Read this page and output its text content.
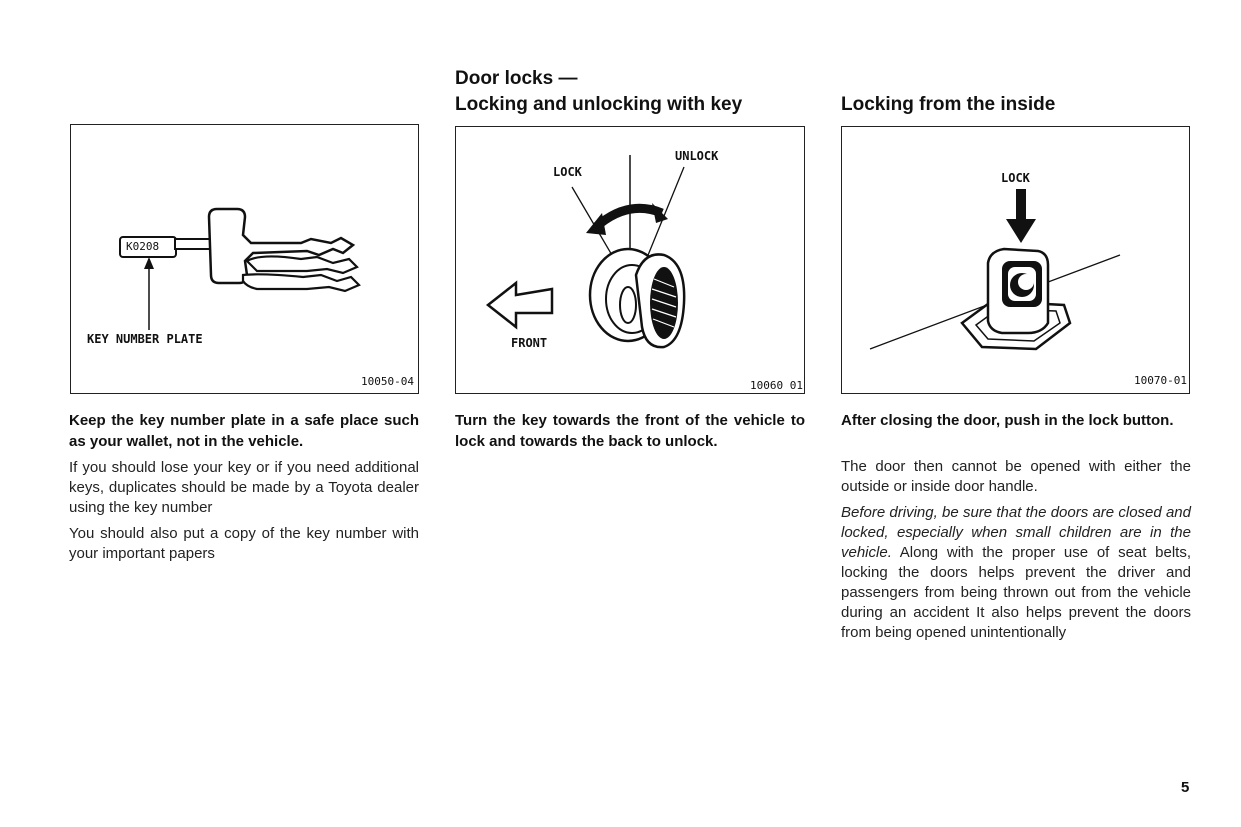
Door locks —
Locking and unlocking with key	Locking from the inside
K0208
KEY NUMBER PLATE
10050-04
LOCK
UNLOCK
FRONT
10060 01
LOCK
10070-01
Keep the key number plate in a safe place such as your wallet, not in the vehicle.
If you should lose your key or if you need additional keys, duplicates should be made by a Toyota dealer using the key number
You should also put a copy of the key number with your important papers
Turn the key towards the front of the vehicle to lock and towards the back to unlock.
After closing the door, push in the lock button.
The door then cannot be opened with either the outside or inside door handle.
Before driving, be sure that the doors are closed and locked, especially when small children are in the vehicle. Along with the proper use of seat belts, locking the doors helps prevent the driver and passengers from being thrown out from the vehicle during an accident It also helps prevent the doors from being opened unintentionally
5
